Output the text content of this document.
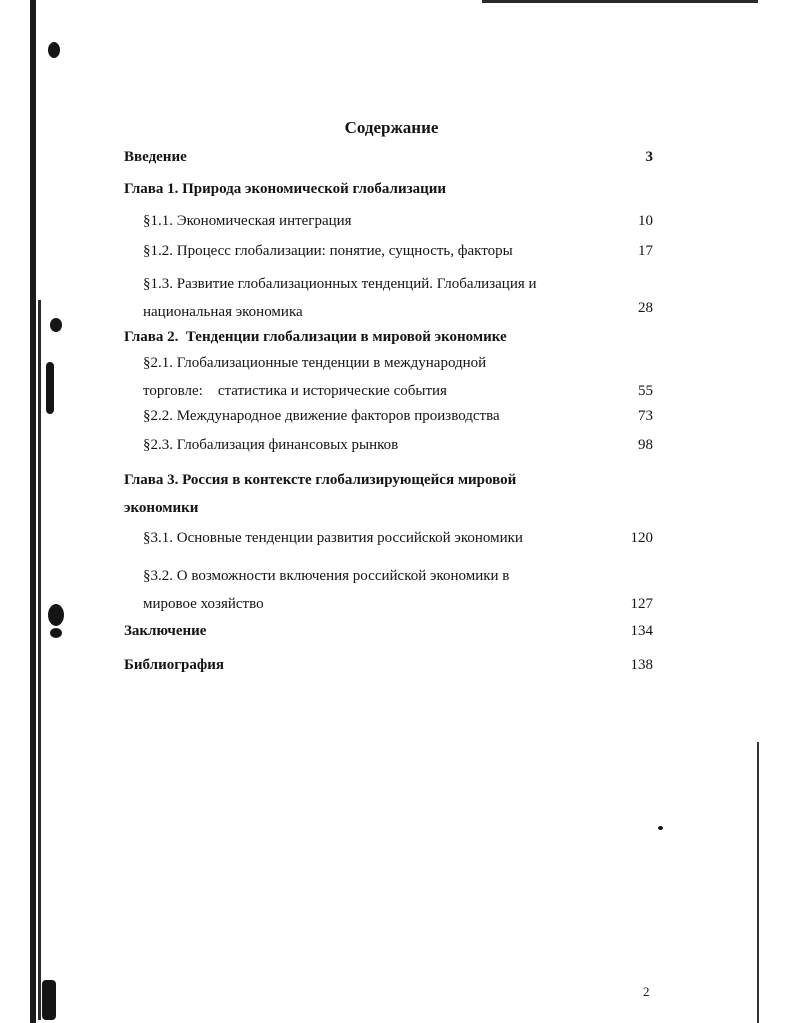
Содержание
Введение	3
Глава 1. Природа экономической глобализации
§1.1. Экономическая интеграция	10
§1.2. Процесс глобализации: понятие, сущность, факторы	17
§1.3. Развитие глобализационных тенденций. Глобализация и
национальная экономика	28
Глава 2.  Тенденции глобализации в мировой экономике
§2.1. Глобализационные тенденции в международной
торговле:    статистика и исторические события	55
§2.2. Международное движение факторов производства	73
§2.3. Глобализация финансовых рынков	98
Глава 3. Россия в контексте глобализирующейся мировой
экономики
§3.1. Основные тенденции развития российской экономики	120
§3.2. О возможности включения российской экономики в
мировое хозяйство	127
Заключение	134
Библиография	138
2
